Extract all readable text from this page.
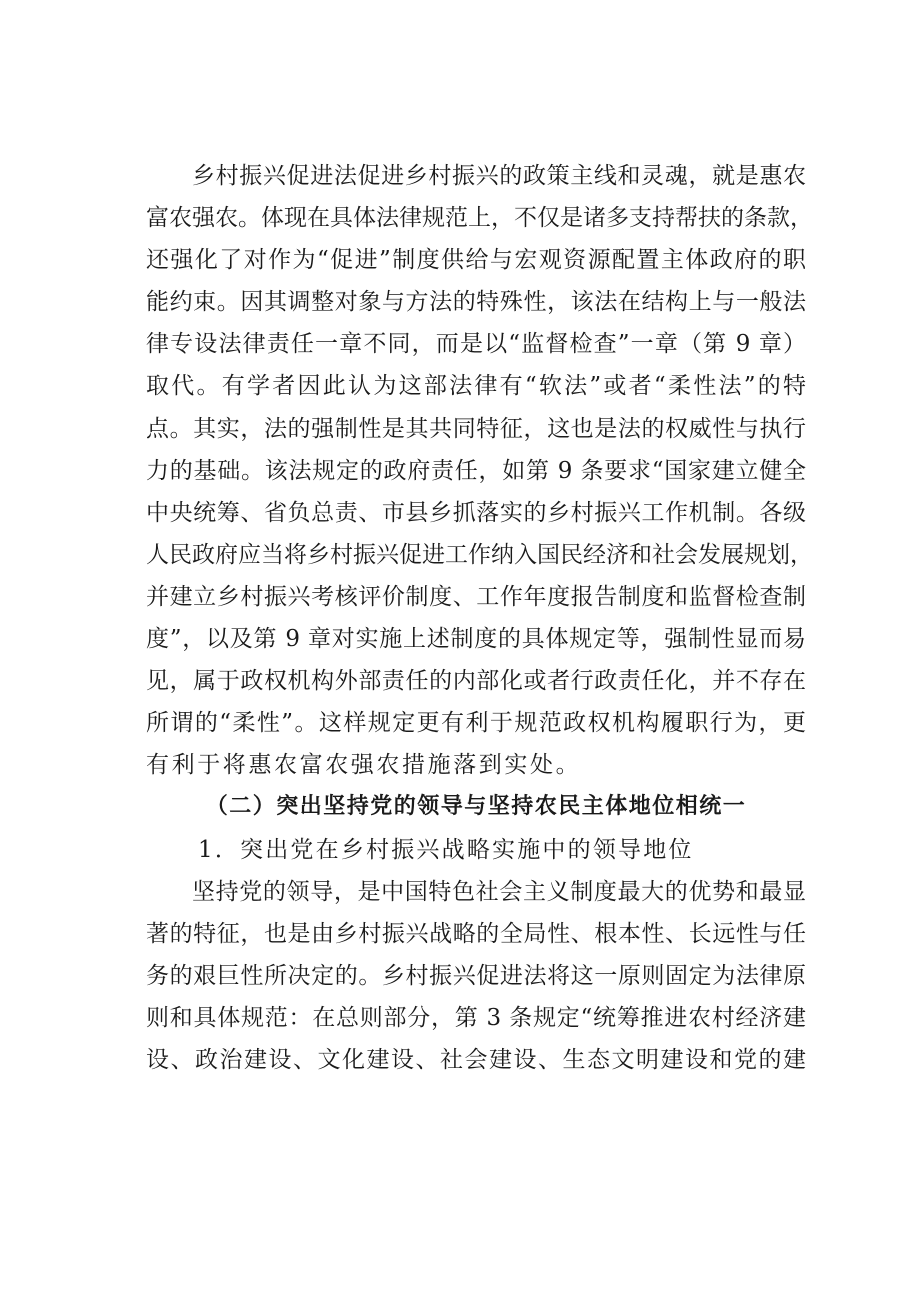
乡村振兴促进法促进乡村振兴的政策主线和灵魂，就是惠农
富农强农。体现在具体法律规范上，不仅是诸多支持帮扶的条款，
还强化了对作为“促进”制度供给与宏观资源配置主体政府的职
能约束。因其调整对象与方法的特殊性，该法在结构上与一般法
律专设法律责任一章不同，而是以“监督检查”一章（第 9 章）
取代。有学者因此认为这部法律有“软法”或者“柔性法”的特
点。其实，法的强制性是其共同特征，这也是法的权威性与执行
力的基础。该法规定的政府责任，如第 9 条要求“国家建立健全
中央统筹、省负总责、市县乡抓落实的乡村振兴工作机制。各级
人民政府应当将乡村振兴促进工作纳入国民经济和社会发展规划，
并建立乡村振兴考核评价制度、工作年度报告制度和监督检查制
度”，以及第 9 章对实施上述制度的具体规定等，强制性显而易
见，属于政权机构外部责任的内部化或者行政责任化，并不存在
所谓的“柔性”。这样规定更有利于规范政权机构履职行为，更
有利于将惠农富农强农措施落到实处。
（二）突出坚持党的领导与坚持农民主体地位相统一
1．突出党在乡村振兴战略实施中的领导地位
坚持党的领导，是中国特色社会主义制度最大的优势和最显
著的特征，也是由乡村振兴战略的全局性、根本性、长远性与任
务的艰巨性所决定的。乡村振兴促进法将这一原则固定为法律原
则和具体规范：在总则部分，第 3 条规定“统筹推进农村经济建
设、政治建设、文化建设、社会建设、生态文明建设和党的建
